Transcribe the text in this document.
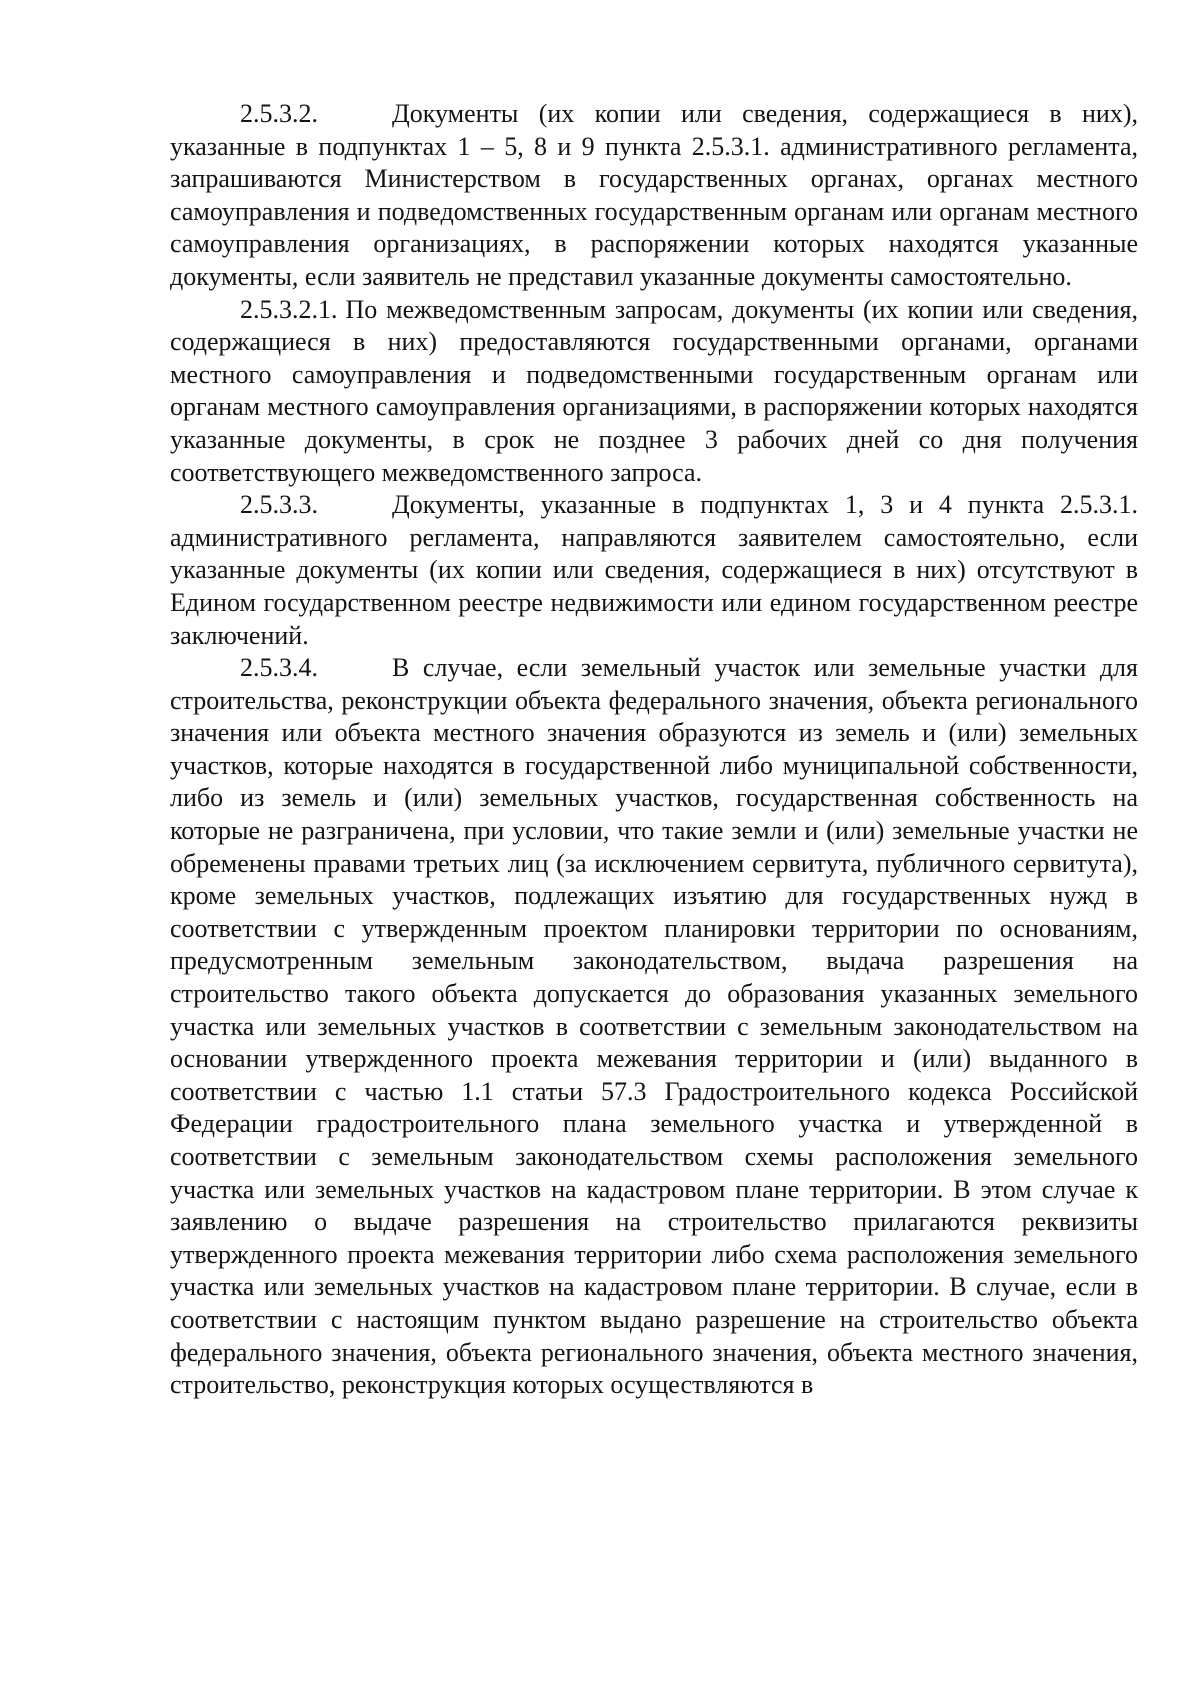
2.5.3.2.	Документы (их копии или сведения, содержащиеся в них), указанные в подпунктах 1 – 5, 8 и 9 пункта 2.5.3.1. административного регламента, запрашиваются Министерством в государственных органах, органах местного самоуправления и подведомственных государственным органам или органам местного самоуправления организациях, в распоряжении которых находятся указанные документы, если заявитель не представил указанные документы самостоятельно.

2.5.3.2.1. По межведомственным запросам, документы (их копии или сведения, содержащиеся в них) предоставляются государственными органами, органами местного самоуправления и подведомственными государственным органам или органам местного самоуправления организациями, в распоряжении которых находятся указанные документы, в срок не позднее 3 рабочих дней со дня получения соответствующего межведомственного запроса.

2.5.3.3.	Документы, указанные в подпунктах 1, 3 и 4 пункта 2.5.3.1. административного регламента, направляются заявителем самостоятельно, если указанные документы (их копии или сведения, содержащиеся в них) отсутствуют в Едином государственном реестре недвижимости или едином государственном реестре заключений.

2.5.3.4.	В случае, если земельный участок или земельные участки для строительства, реконструкции объекта федерального значения, объекта регионального значения или объекта местного значения образуются из земель и (или) земельных участков, которые находятся в государственной либо муниципальной собственности, либо из земель и (или) земельных участков, государственная собственность на которые не разграничена, при условии, что такие земли и (или) земельные участки не обременены правами третьих лиц (за исключением сервитута, публичного сервитута), кроме земельных участков, подлежащих изъятию для государственных нужд в соответствии с утвержденным проектом планировки территории по основаниям, предусмотренным земельным законодательством, выдача разрешения на строительство такого объекта допускается до образования указанных земельного участка или земельных участков в соответствии с земельным законодательством на основании утвержденного проекта межевания территории и (или) выданного в соответствии с частью 1.1 статьи 57.3 Градостроительного кодекса Российской Федерации градостроительного плана земельного участка и утвержденной в соответствии с земельным законодательством схемы расположения земельного участка или земельных участков на кадастровом плане территории. В этом случае к заявлению о выдаче разрешения на строительство прилагаются реквизиты утвержденного проекта межевания территории либо схема расположения земельного участка или земельных участков на кадастровом плане территории. В случае, если в соответствии с настоящим пунктом выдано разрешение на строительство объекта федерального значения, объекта регионального значения, объекта местного значения, строительство, реконструкция которых осуществляются в
